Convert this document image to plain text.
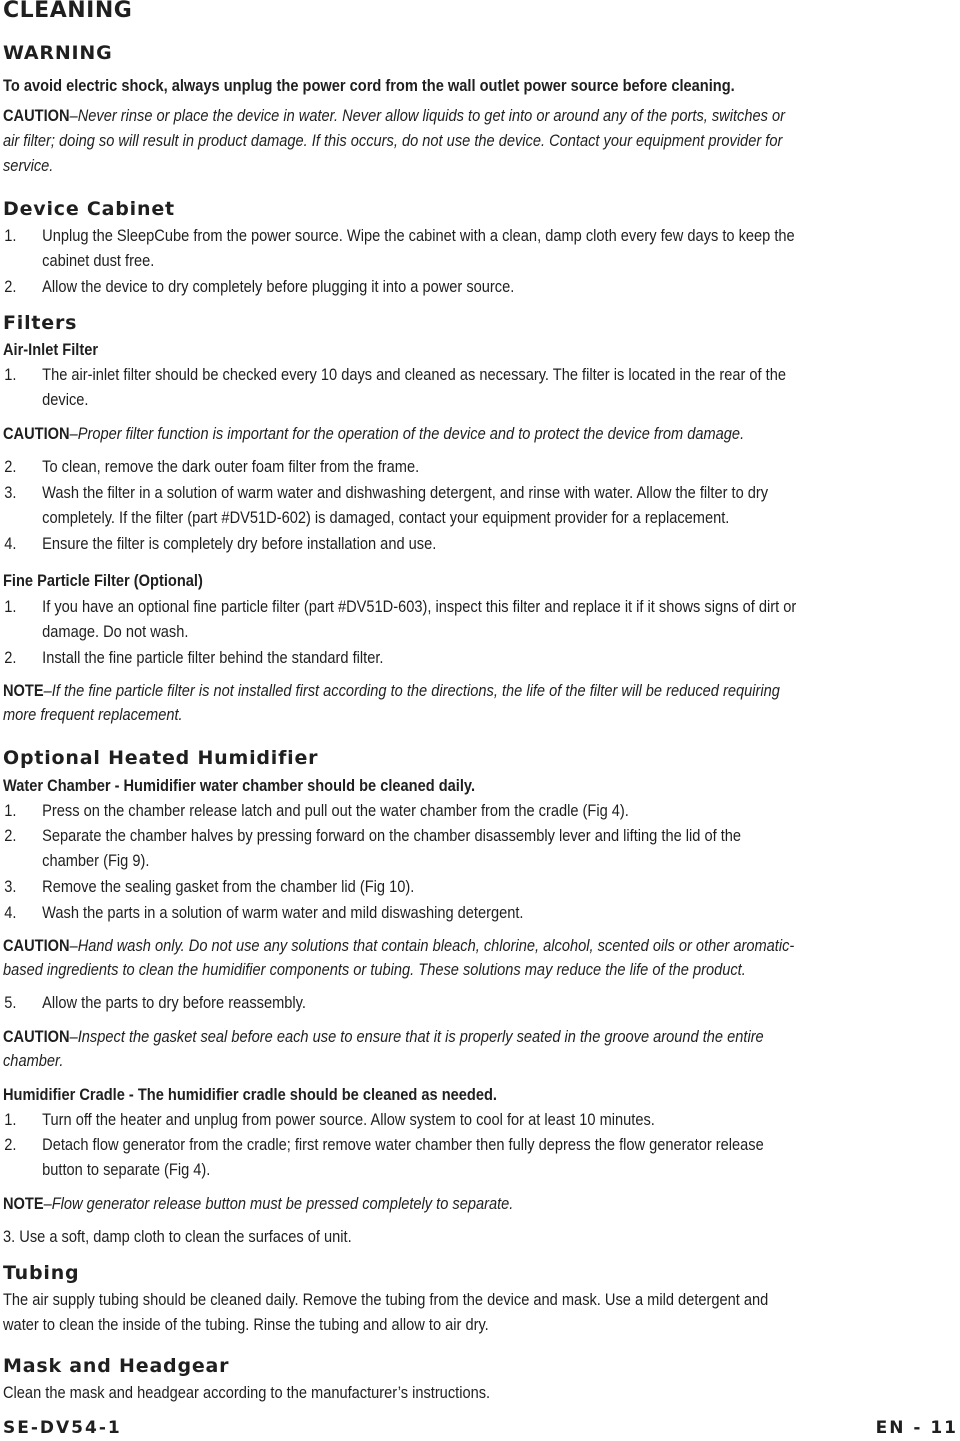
CLEANING
WARNING
To avoid electric shock, always unplug the power cord from the wall outlet power source before cleaning.
CAUTION–Never rinse or place the device in water. Never allow liquids to get into or around any of the ports, switches or
air filter; doing so will result in product damage. If this occurs, do not use the device. Contact your equipment provider for
service.
Device Cabinet
1. Unplug the SleepCube from the power source. Wipe the cabinet with a clean, damp cloth every few days to keep the
cabinet dust free.
2. Allow the device to dry completely before plugging it into a power source.
Filters
Air-Inlet Filter
1. The air-inlet filter should be checked every 10 days and cleaned as necessary. The filter is located in the rear of the
device.
CAUTION–Proper filter function is important for the operation of the device and to protect the device from damage.
2. To clean, remove the dark outer foam filter from the frame.
3. Wash the filter in a solution of warm water and dishwashing detergent, and rinse with water. Allow the filter to dry
completely. If the filter (part #DV51D-602) is damaged, contact your equipment provider for a replacement.
4. Ensure the filter is completely dry before installation and use.
Fine Particle Filter (Optional)
1. If you have an optional fine particle filter (part #DV51D-603), inspect this filter and replace it if it shows signs of dirt or
damage. Do not wash.
2. Install the fine particle filter behind the standard filter.
NOTE–If the fine particle filter is not installed first according to the directions, the life of the filter will be reduced requiring
more frequent replacement.
Optional Heated Humidifier
Water Chamber - Humidifier water chamber should be cleaned daily.
1. Press on the chamber release latch and pull out the water chamber from the cradle (Fig 4).
2. Separate the chamber halves by pressing forward on the chamber disassembly lever and lifting the lid of the
chamber (Fig 9).
3. Remove the sealing gasket from the chamber lid (Fig 10).
4. Wash the parts in a solution of warm water and mild diswashing detergent.
CAUTION–Hand wash only. Do not use any solutions that contain bleach, chlorine, alcohol, scented oils or other aromatic-
based ingredients to clean the humidifier components or tubing. These solutions may reduce the life of the product.
5. Allow the parts to dry before reassembly.
CAUTION–Inspect the gasket seal before each use to ensure that it is properly seated in the groove around the entire
chamber.
Humidifier Cradle - The humidifier cradle should be cleaned as needed.
1. Turn off the heater and unplug from power source. Allow system to cool for at least 10 minutes.
2. Detach flow generator from the cradle; first remove water chamber then fully depress the flow generator release
button to separate (Fig 4).
NOTE–Flow generator release button must be pressed completely to separate.
3. Use a soft, damp cloth to clean the surfaces of unit.
Tubing
The air supply tubing should be cleaned daily. Remove the tubing from the device and mask. Use a mild detergent and
water to clean the inside of the tubing. Rinse the tubing and allow to air dry.
Mask and Headgear
Clean the mask and headgear according to the manufacturer’s instructions.
SE-DV54-1	EN - 11
